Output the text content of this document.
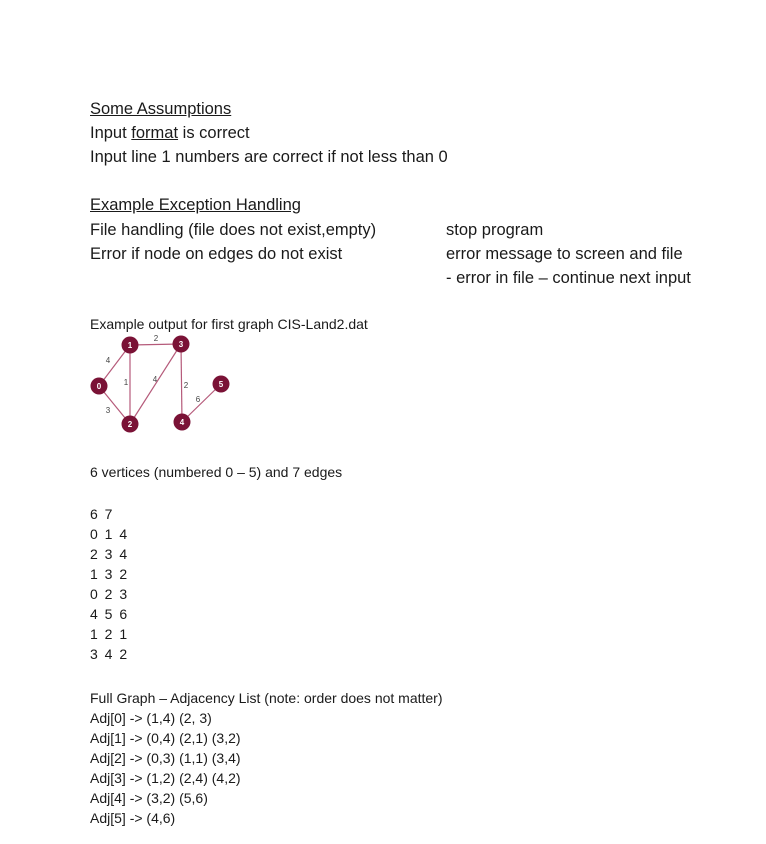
Some Assumptions
Input format is correct
Input line 1 numbers are correct if not less than 0
Example Exception Handling
File handling (file does not exist,empty)	stop program
Error if node on edges do not exist	error message to screen and file
- error in file – continue next input
Example output for first graph CIS-Land2.dat
6 vertices (numbered 0 – 5) and 7 edges
6 7
0 1 4
2 3 4
1 3 2
0 2 3
4 5 6
1 2 1
3 4 2
Full Graph – Adjacency List (note: order does not matter)
Adj[0] -> (1,4) (2, 3)
Adj[1] -> (0,4) (2,1) (3,2)
Adj[2] -> (0,3) (1,1) (3,4)
Adj[3] -> (1,2) (2,4) (4,2)
Adj[4] -> (3,2) (5,6)
Adj[5] -> (4,6)
4
3
1
2
4
2
6
0
1
2
3
4
5
